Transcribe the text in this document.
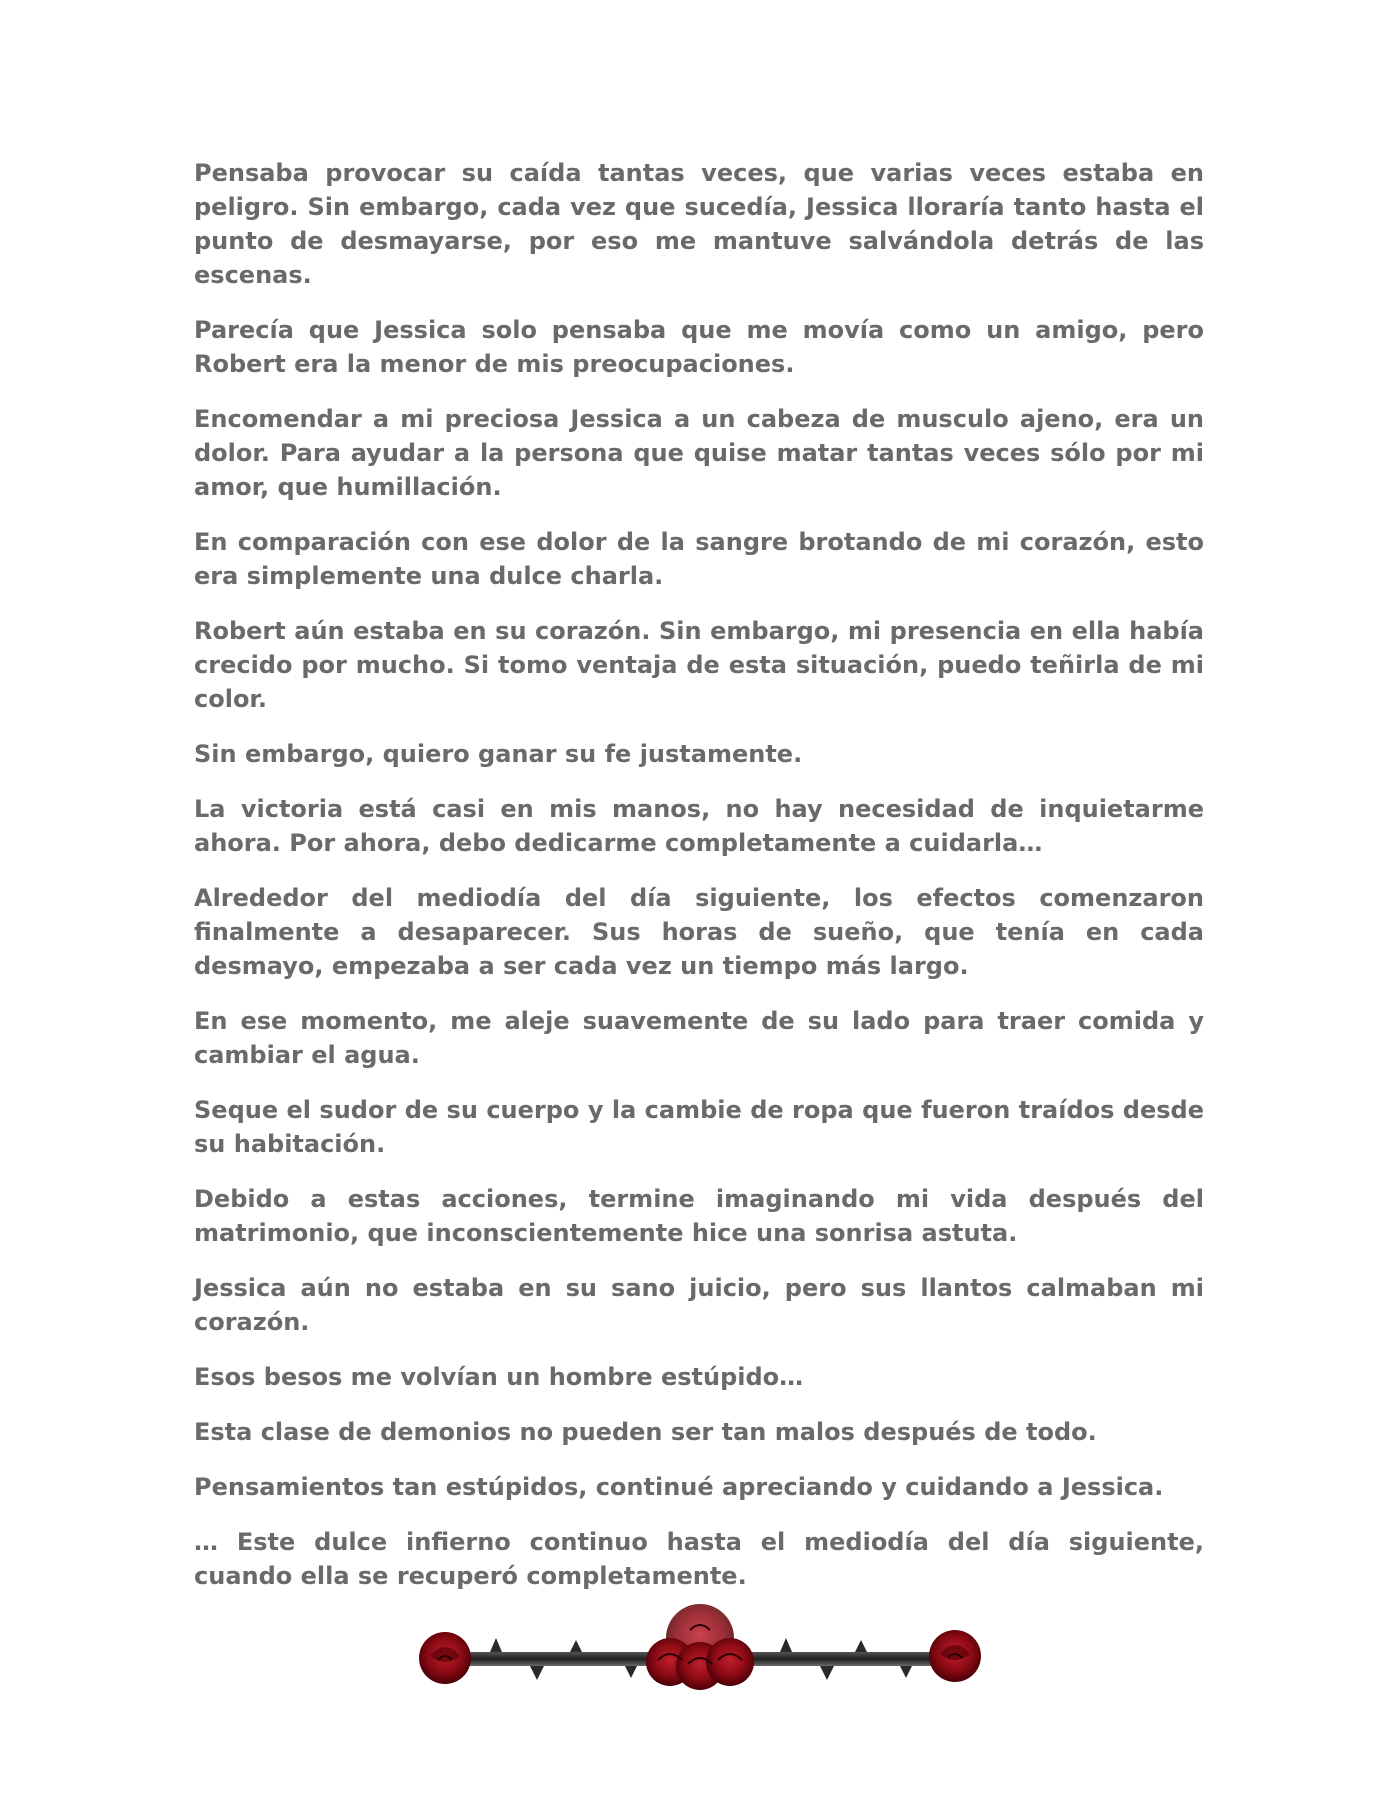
Pensaba provocar su caída tantas veces, que varias veces estaba en peligro. Sin embargo, cada vez que sucedía, Jessica lloraría tanto hasta el punto de desmayarse, por eso me mantuve salvándola detrás de las escenas.

Parecía que Jessica solo pensaba que me movía como un amigo, pero Robert era la menor de mis preocupaciones.

Encomendar a mi preciosa Jessica a un cabeza de musculo ajeno, era un dolor. Para ayudar a la persona que quise matar tantas veces sólo por mi amor, que humillación.

En comparación con ese dolor de la sangre brotando de mi corazón, esto era simplemente una dulce charla.

Robert aún estaba en su corazón. Sin embargo, mi presencia en ella había crecido por mucho. Si tomo ventaja de esta situación, puedo teñirla de mi color.

Sin embargo, quiero ganar su fe justamente.

La victoria está casi en mis manos, no hay necesidad de inquietarme ahora. Por ahora, debo dedicarme completamente a cuidarla…

Alrededor del mediodía del día siguiente, los efectos comenzaron finalmente a desaparecer. Sus horas de sueño, que tenía en cada desmayo, empezaba a ser cada vez un tiempo más largo.

En ese momento, me aleje suavemente de su lado para traer comida y cambiar el agua.

Seque el sudor de su cuerpo y la cambie de ropa que fueron traídos desde su habitación.

Debido a estas acciones, termine imaginando mi vida después del matrimonio, que inconscientemente hice una sonrisa astuta.

Jessica aún no estaba en su sano juicio, pero sus llantos calmaban mi corazón.

Esos besos me volvían un hombre estúpido…

Esta clase de demonios no pueden ser tan malos después de todo.

Pensamientos tan estúpidos, continué apreciando y cuidando a Jessica.

… Este dulce infierno continuo hasta el mediodía del día siguiente, cuando ella se recuperó completamente.
